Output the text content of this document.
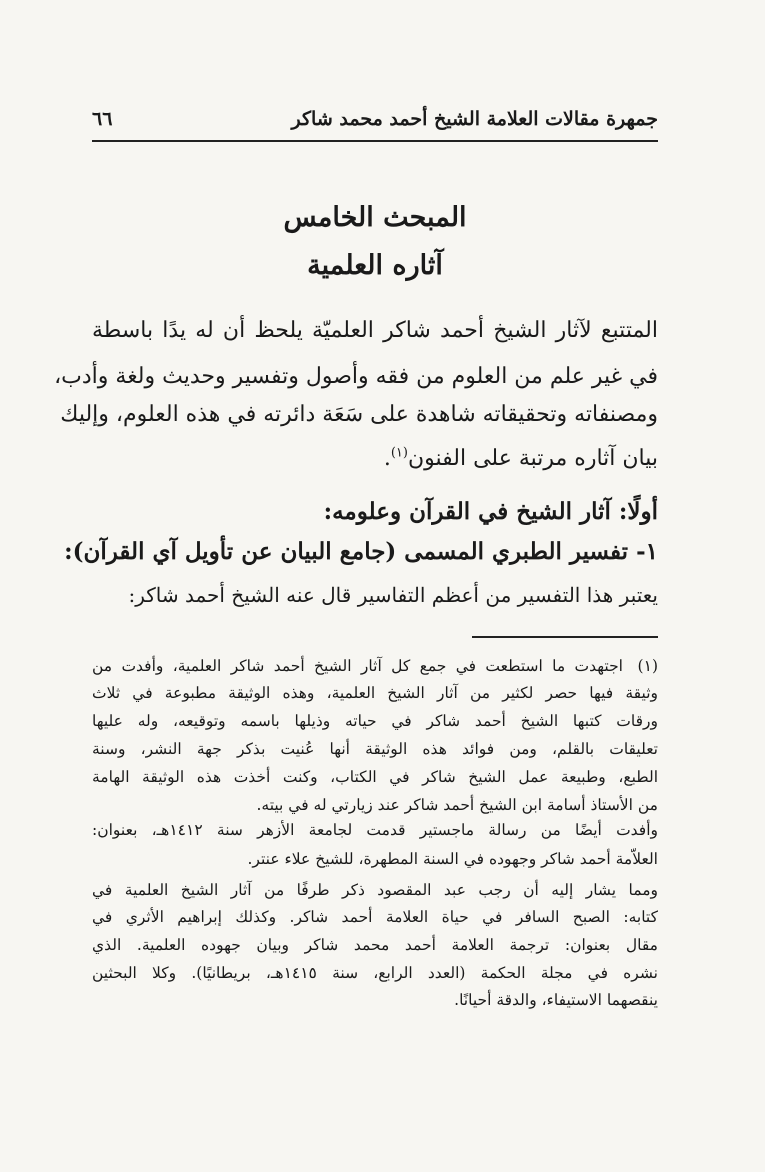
جمهرة مقالات العلامة الشيخ أحمد محمد شاكر
٦٦
المبحث الخامس
آثاره العلمية
المتتبع لآثار الشيخ أحمد شاكر العلميّة يلحظ أن له يدًا باسطة
في غير علم من العلوم من فقه وأصول وتفسير وحديث ولغة وأدب،
ومصنفاته وتحقيقاته شاهدة على سَعَة دائرته في هذه العلوم، وإليك
بيان آثاره مرتبة على الفنون$^{(١)}$.
أولًا: آثار الشيخ في القرآن وعلومه:
١- تفسير الطبري المسمى (جامع البيان عن تأويل آي القرآن):
يعتبر هذا التفسير من أعظم التفاسير قال عنه الشيخ أحمد شاكر:
(١)
اجتهدت ما استطعت في جمع كل آثار الشيخ أحمد شاكر العلمية، وأفدت من
وثيقة فيها حصر لكثير من آثار الشيخ العلمية، وهذه الوثيقة مطبوعة في ثلاث
ورقات كتبها الشيخ أحمد شاكر في حياته وذيلها باسمه وتوقيعه، وله عليها
تعليقات بالقلم، ومن فوائد هذه الوثيقة أنها عُنيت بذكر جهة النشر، وسنة
الطبع، وطبيعة عمل الشيخ شاكر في الكتاب، وكنت أخذت هذه الوثيقة الهامة
من الأستاذ أسامة ابن الشيخ أحمد شاكر عند زيارتي له في بيته.
وأفدت أيضًا من رسالة ماجستير قدمت لجامعة الأزهر سنة ١٤١٢هـ، بعنوان:
العلاّمة أحمد شاكر وجهوده في السنة المطهرة، للشيخ علاء عنتر.
ومما يشار إليه أن رجب عبد المقصود ذكر طرفًا من آثار الشيخ العلمية في
كتابه: الصبح السافر في حياة العلامة أحمد شاكر. وكذلك إبراهيم الأثري في
مقال بعنوان: ترجمة العلامة أحمد محمد شاكر وبيان جهوده العلمية. الذي
نشره في مجلة الحكمة (العدد الرابع، سنة ١٤١٥هـ، بريطانيًا). وكلا البحثين
ينقصهما الاستيفاء، والدقة أحيانًا.
